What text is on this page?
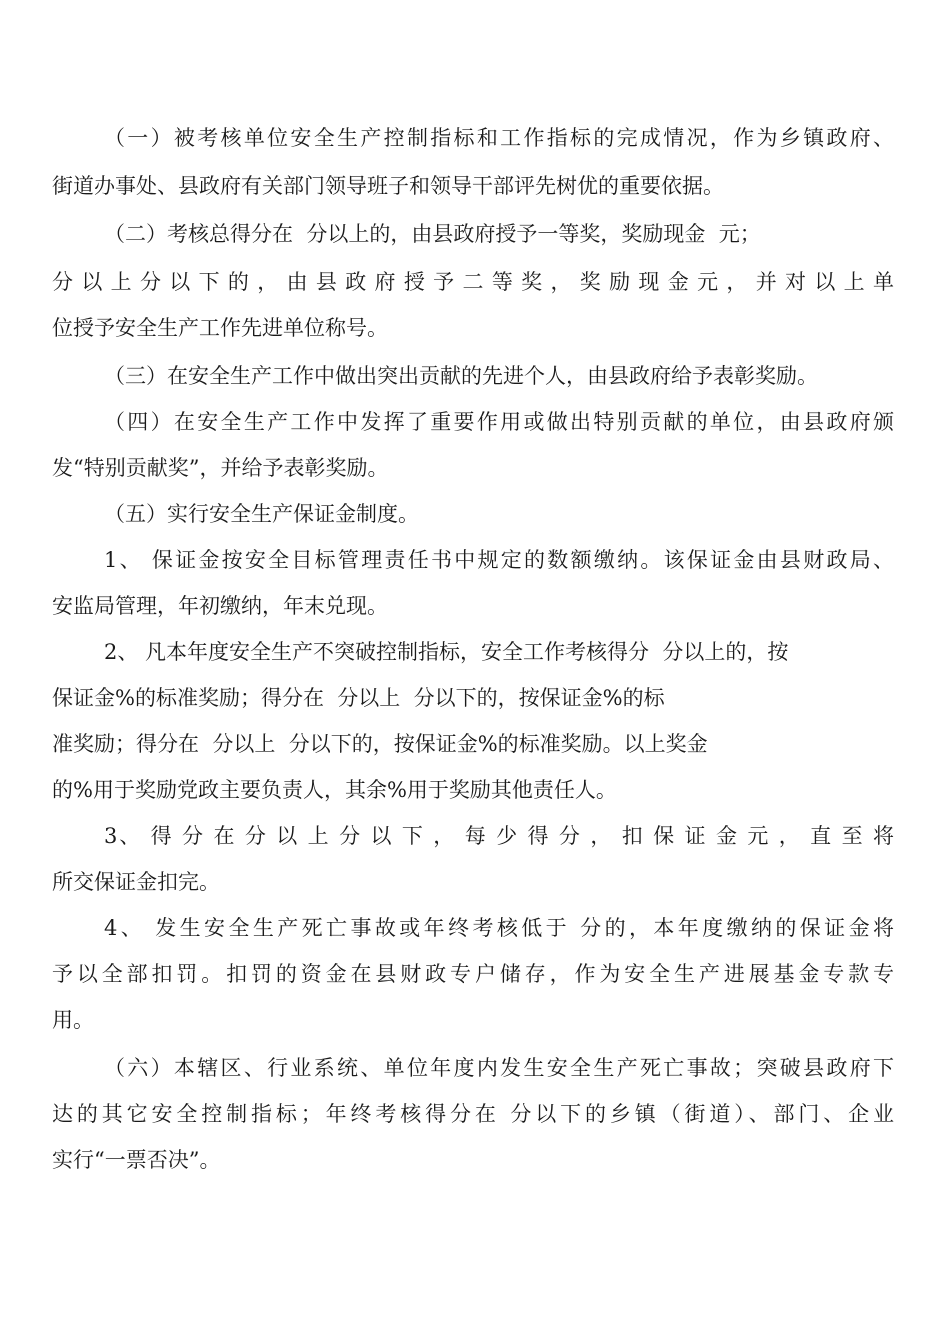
（一）被考核单位安全生产控制指标和工作指标的完成情况，作为乡镇政府、
街道办事处、县政府有关部门领导班子和领导干部评先树优的重要依据。
（二）考核总得分在  分以上的，由县政府授予一等奖，奖励现金  元；
分 以 上 分 以 下 的 ， 由 县 政 府 授 予 二 等 奖 ， 奖 励 现 金 元 ， 并 对 以 上 单
位授予安全生产工作先进单位称号。
（三）在安全生产工作中做出突出贡献的先进个人，由县政府给予表彰奖励。
（四）在安全生产工作中发挥了重要作用或做出特别贡献的单位，由县政府颁
发“特别贡献奖”，并给予表彰奖励。
（五）实行安全生产保证金制度。
1、 保证金按安全目标管理责任书中规定的数额缴纳。该保证金由县财政局、
安监局管理，年初缴纳，年末兑现。
2、 凡本年度安全生产不突破控制指标，安全工作考核得分  分以上的，按
保证金%的标准奖励；得分在  分以上  分以下的，按保证金%的标
准奖励；得分在  分以上  分以下的，按保证金%的标准奖励。以上奖金
的%用于奖励党政主要负责人，其余%用于奖励其他责任人。
3、 得 分 在 分 以 上 分 以 下 ， 每 少 得 分 ， 扣 保 证 金 元 ， 直 至 将
所交保证金扣完。
4、 发生安全生产死亡事故或年终考核低于 分的，本年度缴纳的保证金将
予以全部扣罚。扣罚的资金在县财政专户储存，作为安全生产进展基金专款专
用。
（六）本辖区、行业系统、单位年度内发生安全生产死亡事故；突破县政府下
达的其它安全控制指标；年终考核得分在 分以下的乡镇（街道）、部门、企业
实行“一票否决”。
